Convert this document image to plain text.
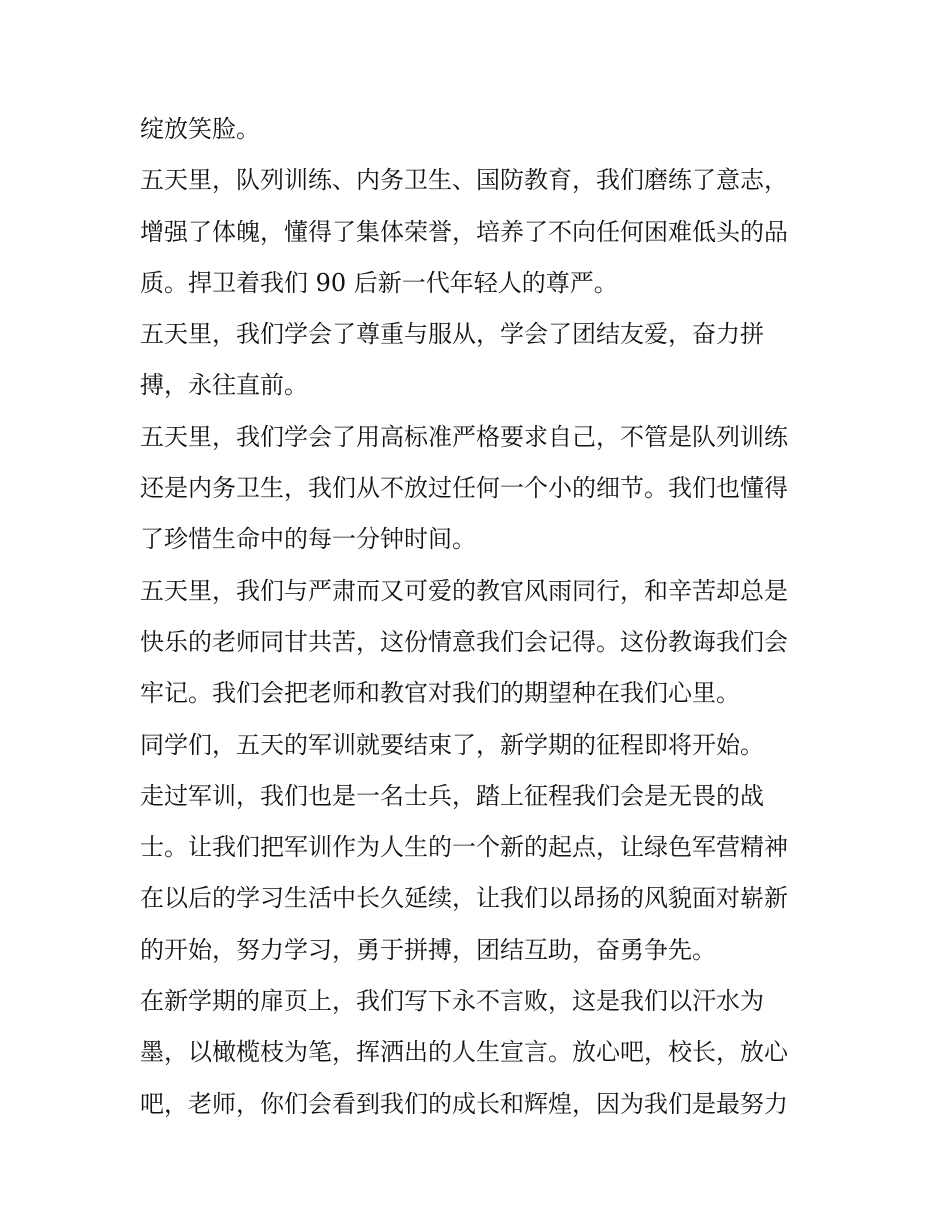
绽放笑脸。
五天里，队列训练、内务卫生、国防教育，我们磨练了意志，
增强了体魄，懂得了集体荣誉，培养了不向任何困难低头的品
质。捍卫着我们 90 后新一代年轻人的尊严。
五天里，我们学会了尊重与服从，学会了团结友爱，奋力拼
搏，永往直前。
五天里，我们学会了用高标准严格要求自己，不管是队列训练
还是内务卫生，我们从不放过任何一个小的细节。我们也懂得
了珍惜生命中的每一分钟时间。
五天里，我们与严肃而又可爱的教官风雨同行，和辛苦却总是
快乐的老师同甘共苦，这份情意我们会记得。这份教诲我们会
牢记。我们会把老师和教官对我们的期望种在我们心里。
同学们，五天的军训就要结束了，新学期的征程即将开始。
走过军训，我们也是一名士兵，踏上征程我们会是无畏的战
士。让我们把军训作为人生的一个新的起点，让绿色军营精神
在以后的学习生活中长久延续，让我们以昂扬的风貌面对崭新
的开始，努力学习，勇于拼搏，团结互助，奋勇争先。
在新学期的扉页上，我们写下永不言败，这是我们以汗水为
墨，以橄榄枝为笔，挥洒出的人生宣言。放心吧，校长，放心
吧，老师，你们会看到我们的成长和辉煌，因为我们是最努力
